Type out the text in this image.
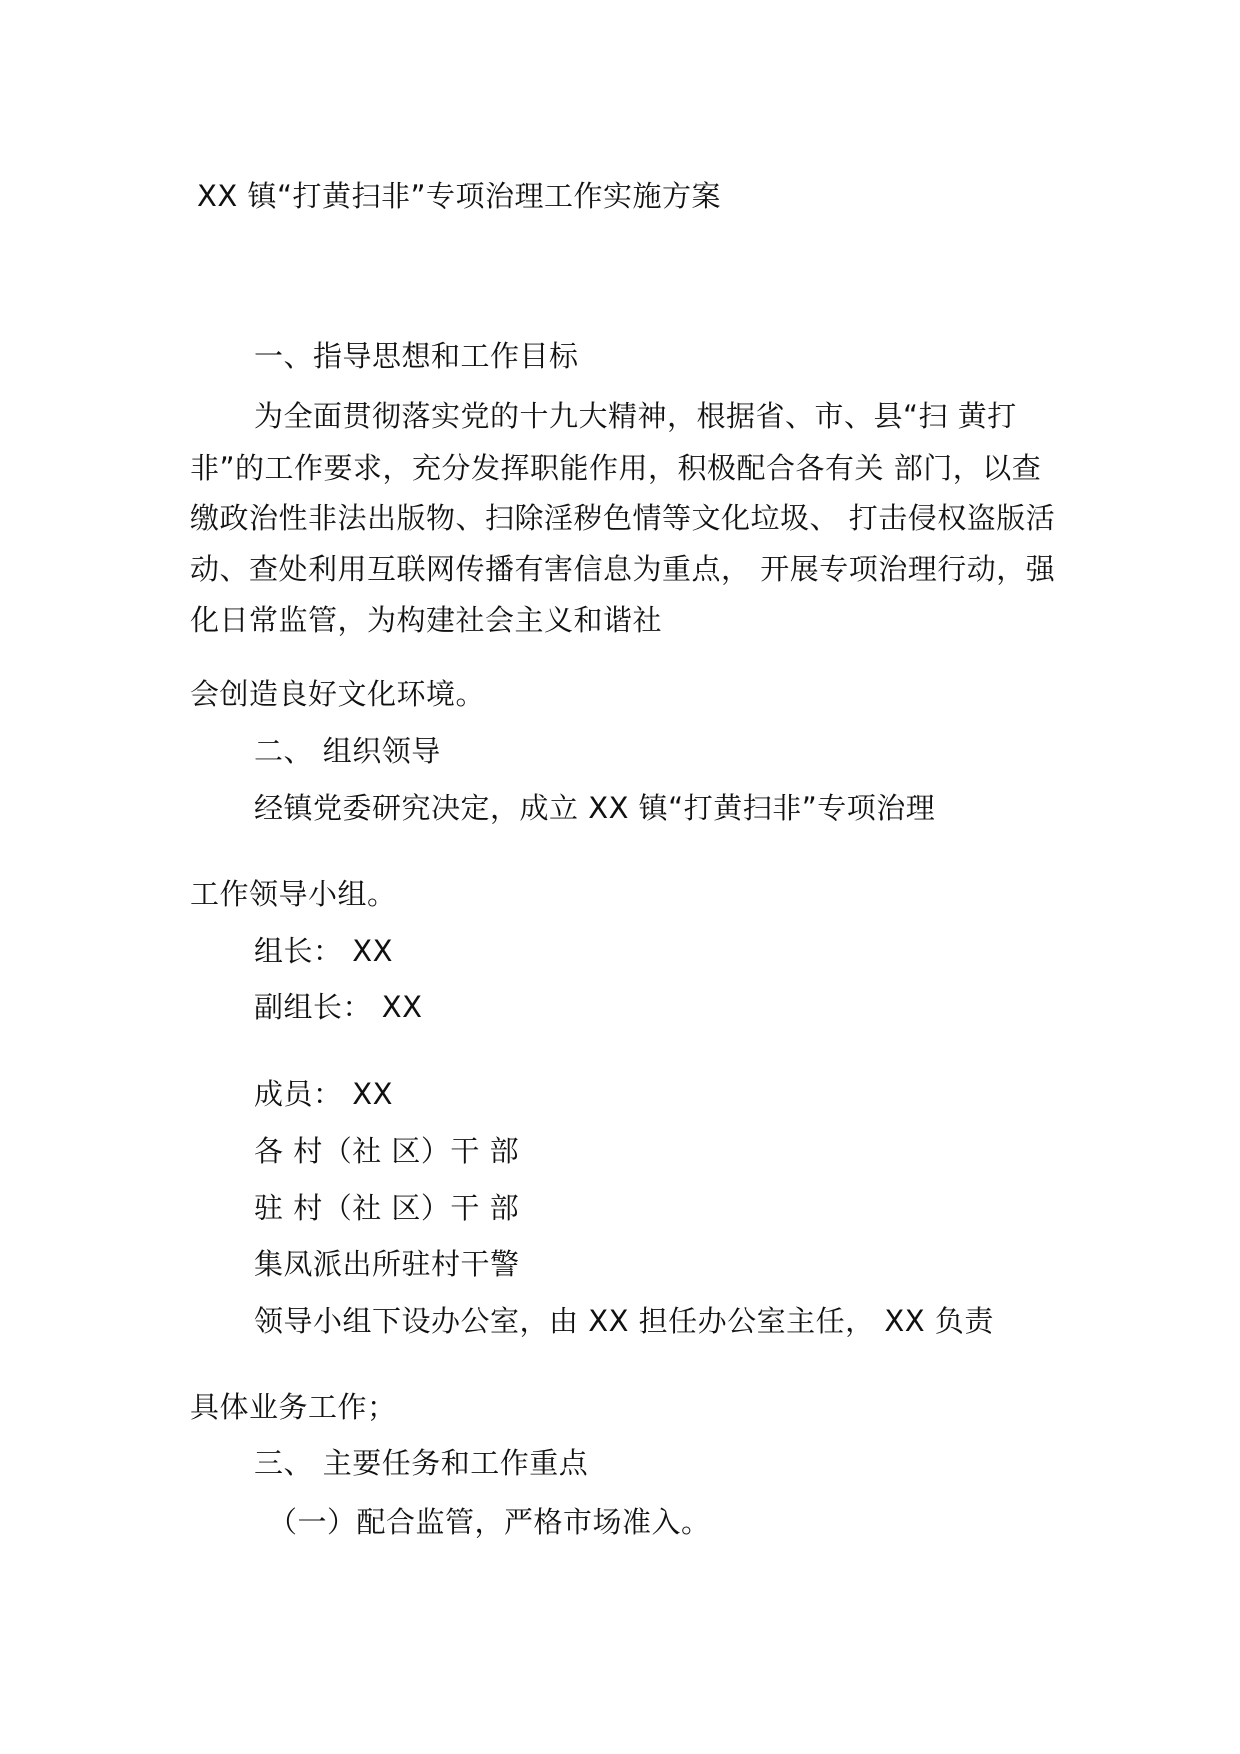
XX 镇“打黄扫非”专项治理工作实施方案
一、指导思想和工作目标
为全面贯彻落实党的十九大精神，根据省、市、县“扫 黄打
非”的工作要求，充分发挥职能作用，积极配合各有关 部门，以查
缴政治性非法出版物、扫除淫秽色情等文化垃圾、 打击侵权盗版活
动、查处利用互联网传播有害信息为重点， 开展专项治理行动，强
化日常监管，为构建社会主义和谐社
会创造良好文化环境。
二、 组织领导
经镇党委研究决定，成立 XX 镇“打黄扫非”专项治理
工作领导小组。
组长： XX
副组长： XX
成员： XX
各 村（社 区）干 部
驻 村（社 区）干 部
集凤派出所驻村干警
领导小组下设办公室，由 XX 担任办公室主任， XX 负责
具体业务工作；
三、 主要任务和工作重点
（一）配合监管，严格市场准入。
